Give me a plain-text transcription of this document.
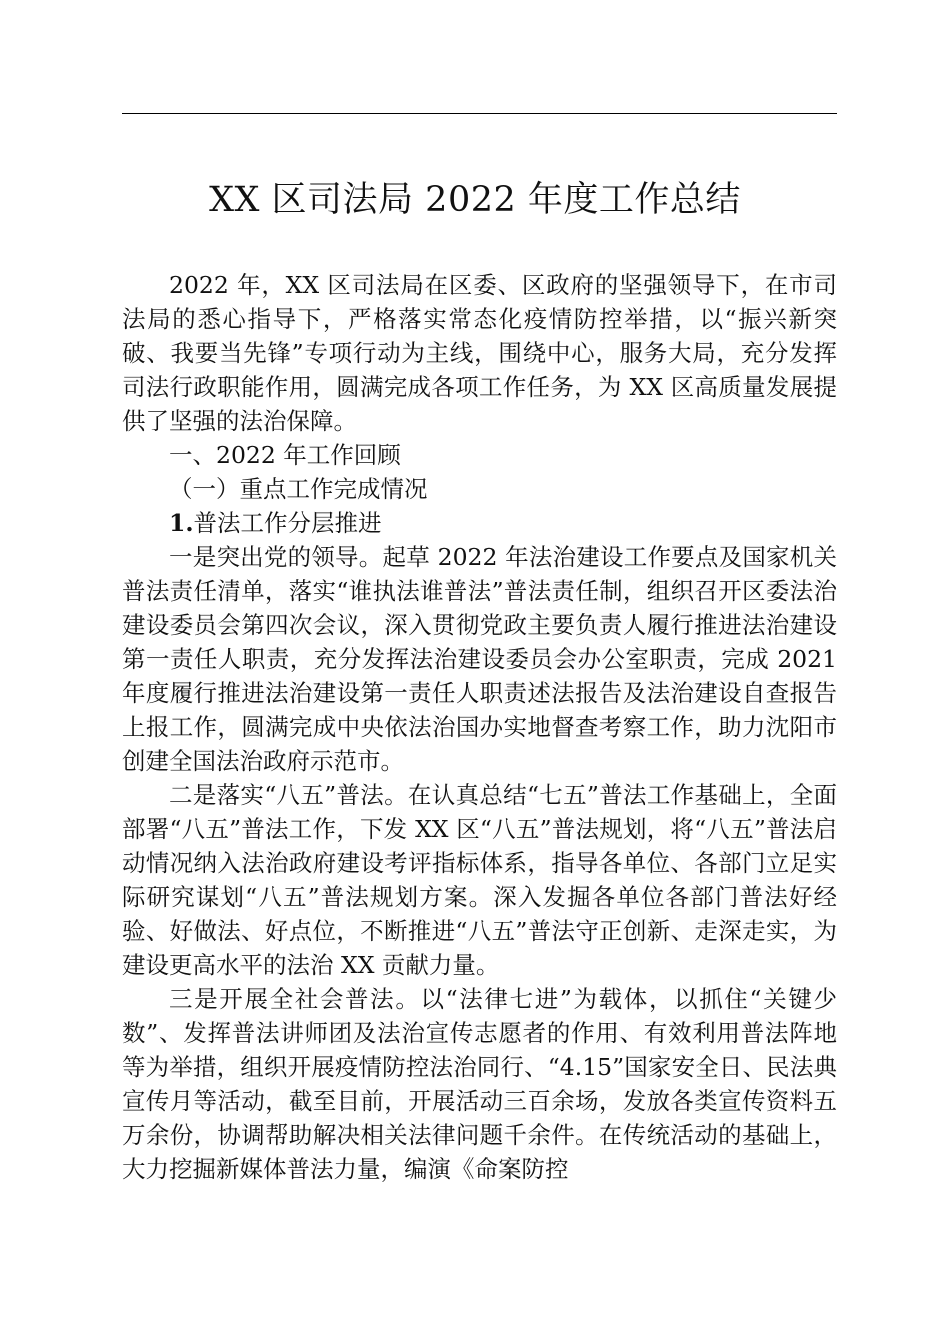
XX 区司法局 2022 年度工作总结

2022 年，XX 区司法局在区委、区政府的坚强领导下，在市司法局的悉心指导下，严格落实常态化疫情防控举措，以“振兴新突破、我要当先锋”专项行动为主线，围绕中心，服务大局，充分发挥司法行政职能作用，圆满完成各项工作任务，为 XX 区高质量发展提供了坚强的法治保障。

一、2022 年工作回顾

（一）重点工作完成情况

1.普法工作分层推进

一是突出党的领导。起草 2022 年法治建设工作要点及国家机关普法责任清单，落实“谁执法谁普法”普法责任制，组织召开区委法治建设委员会第四次会议，深入贯彻党政主要负责人履行推进法治建设第一责任人职责，充分发挥法治建设委员会办公室职责，完成 2021 年度履行推进法治建设第一责任人职责述法报告及法治建设自查报告上报工作，圆满完成中央依法治国办实地督查考察工作，助力沈阳市创建全国法治政府示范市。

二是落实“八五”普法。在认真总结“七五”普法工作基础上，全面部署“八五”普法工作，下发 XX 区“八五”普法规划，将“八五”普法启动情况纳入法治政府建设考评指标体系，指导各单位、各部门立足实际研究谋划“八五”普法规划方案。深入发掘各单位各部门普法好经验、好做法、好点位，不断推进“八五”普法守正创新、走深走实，为建设更高水平的法治 XX 贡献力量。

三是开展全社会普法。以“法律七进”为载体，以抓住“关键少数”、发挥普法讲师团及法治宣传志愿者的作用、有效利用普法阵地等为举措，组织开展疫情防控法治同行、“4.15”国家安全日、民法典宣传月等活动，截至目前，开展活动三百余场，发放各类宣传资料五万余份，协调帮助解决相关法律问题千余件。在传统活动的基础上，大力挖掘新媒体普法力量，编演《命案防控
